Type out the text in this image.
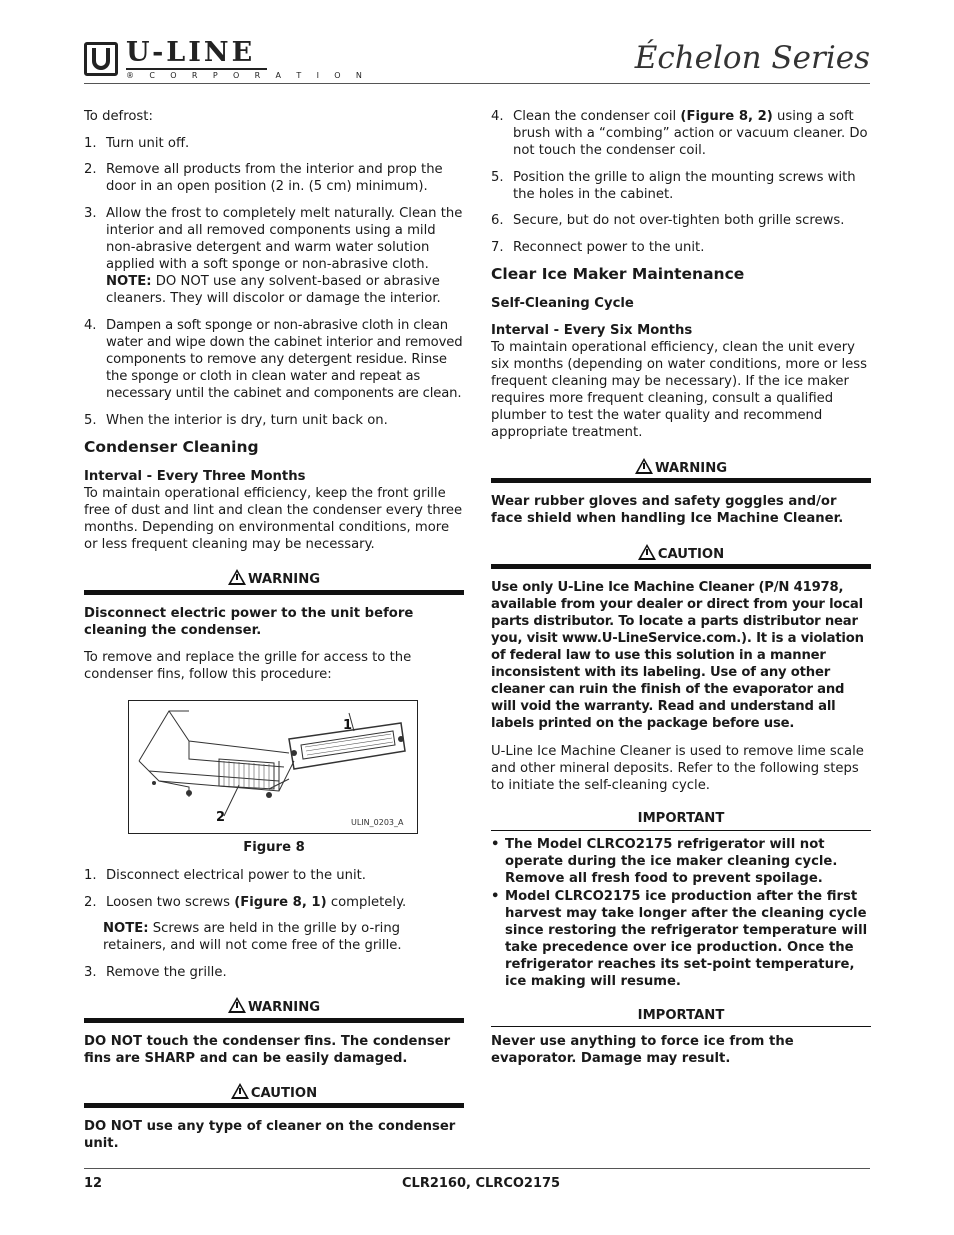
U-LINE
® C O R P O R A T I O N	Échelon Series
To defrost:
1. Turn unit off.
2. Remove all products from the interior and prop the door in an open position (2 in. (5 cm) minimum).
3. Allow the frost to completely melt naturally. Clean the interior and all removed components using a mild non-abrasive detergent and warm water solution applied with a soft sponge or non-abrasive cloth. NOTE: DO NOT use any solvent-based or abrasive cleaners. They will discolor or damage the interior.
4. Dampen a soft sponge or non-abrasive cloth in clean water and wipe down the cabinet interior and removed components to remove any detergent residue. Rinse the sponge or cloth in clean water and repeat as necessary until the cabinet and components are clean.
5. When the interior is dry, turn unit back on.
Condenser Cleaning
Interval - Every Three Months
To maintain operational efficiency, keep the front grille free of dust and lint and clean the condenser every three months. Depending on environmental conditions, more or less frequent cleaning may be necessary.
WARNING
Disconnect electric power to the unit before cleaning the condenser.
To remove and replace the grille for access to the condenser fins, follow this procedure:
1
2	ULIN_0203_A
Figure 8
1. Disconnect electrical power to the unit.
2. Loosen two screws (Figure 8, 1) completely.
NOTE: Screws are held in the grille by o-ring retainers, and will not come free of the grille.
3. Remove the grille.
WARNING
DO NOT touch the condenser fins. The condenser fins are SHARP and can be easily damaged.
CAUTION
DO NOT use any type of cleaner on the condenser unit.
4. Clean the condenser coil (Figure 8, 2) using a soft brush with a “combing” action or vacuum cleaner. Do not touch the condenser coil.
5. Position the grille to align the mounting screws with the holes in the cabinet.
6. Secure, but do not over-tighten both grille screws.
7. Reconnect power to the unit.
Clear Ice Maker Maintenance
Self-Cleaning Cycle
Interval - Every Six Months
To maintain operational efficiency, clean the unit every six months (depending on water conditions, more or less frequent cleaning may be necessary). If the ice maker requires more frequent cleaning, consult a qualified plumber to test the water quality and recommend appropriate treatment.
WARNING
Wear rubber gloves and safety goggles and/or face shield when handling Ice Machine Cleaner.
CAUTION
Use only U-Line Ice Machine Cleaner (P/N 41978, available from your dealer or direct from your local parts distributor. To locate a parts distributor near you, visit www.U-LineService.com.). It is a violation of federal law to use this solution in a manner inconsistent with its labeling. Use of any other cleaner can ruin the finish of the evaporator and will void the warranty. Read and understand all labels printed on the package before use.
U-Line Ice Machine Cleaner is used to remove lime scale and other mineral deposits. Refer to the following steps to initiate the self-cleaning cycle.
IMPORTANT
• The Model CLRCO2175 refrigerator will not operate during the ice maker cleaning cycle. Remove all fresh food to prevent spoilage.
• Model CLRCO2175 ice production after the first harvest may take longer after the cleaning cycle since restoring the refrigerator temperature will take precedence over ice production. Once the refrigerator reaches its set-point temperature, ice making will resume.
IMPORTANT
Never use anything to force ice from the evaporator. Damage may result.
12	CLR2160, CLRCO2175
